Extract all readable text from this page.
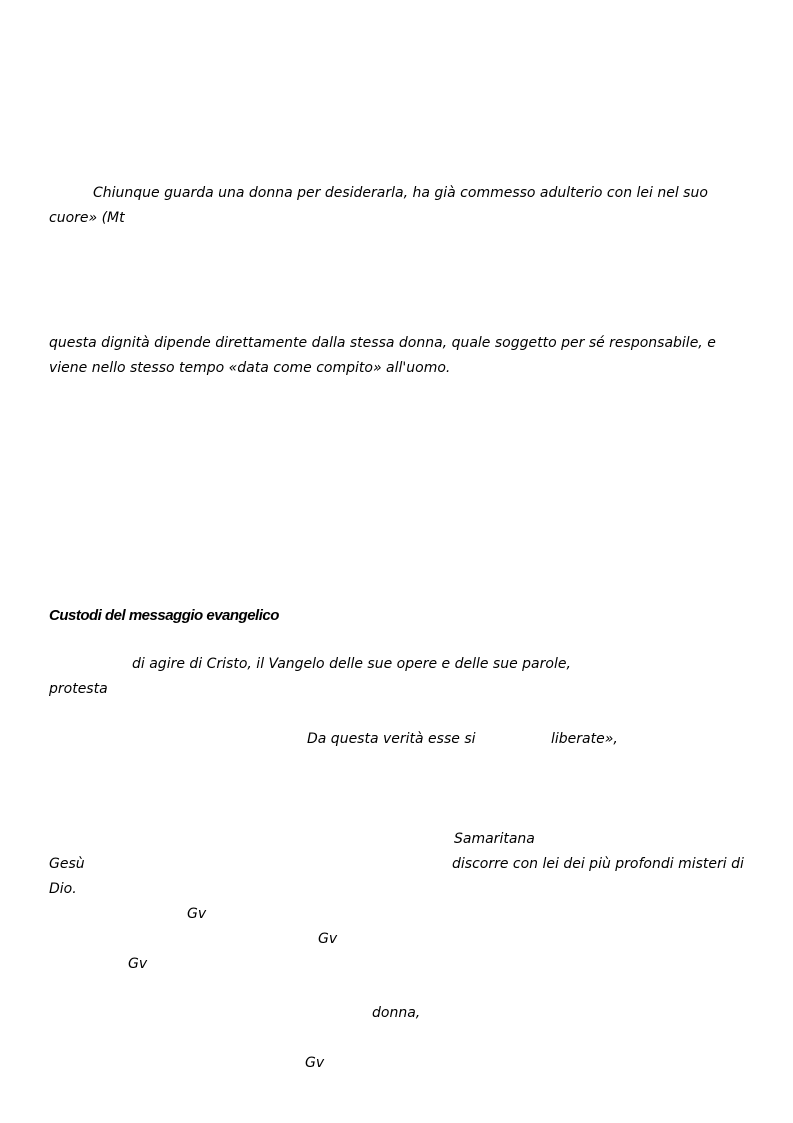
Chiunque guarda una donna per desiderarla, ha già commesso adulterio con lei nel suo
cuore» (Mt
questa dignità dipende direttamente dalla stessa donna, quale soggetto per sé responsabile, e
viene nello stesso tempo «data come compito» all'uomo.
Custodi del messaggio evangelico
di agire di Cristo, il Vangelo delle sue opere e delle sue parole,
protesta
Da questa verità esse si	liberate»,
Samaritana
Gesù	discorre con lei dei più profondi misteri di
Dio.
Gv
Gv
Gv
donna,
Gv
